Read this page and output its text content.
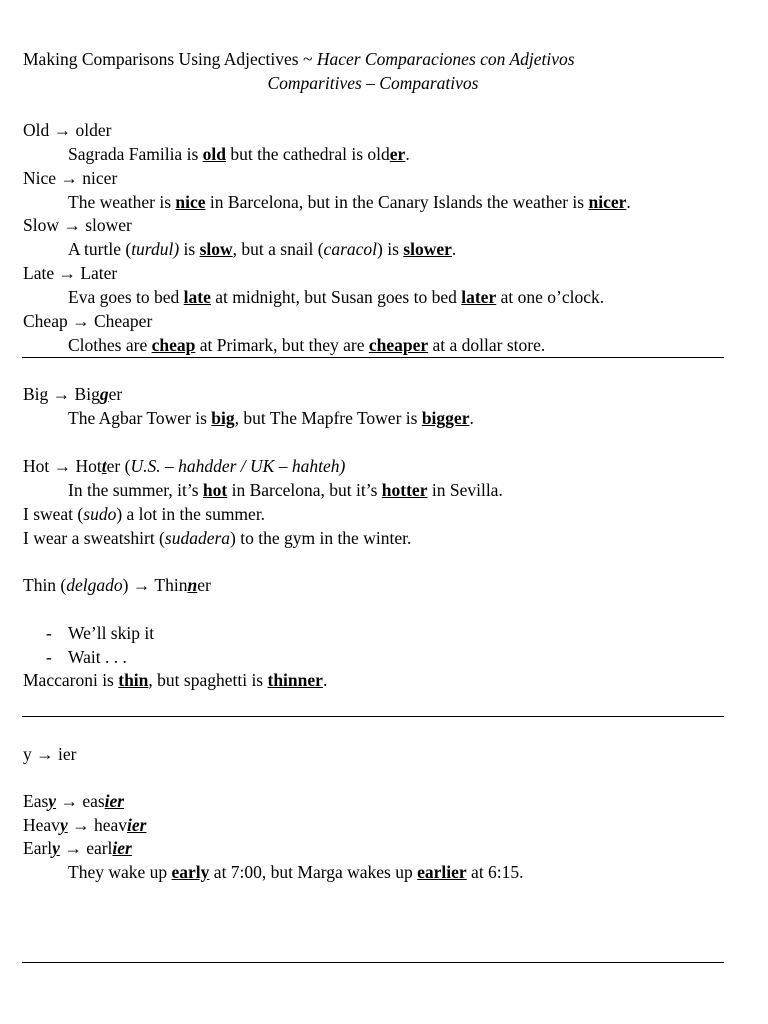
Making Comparisons Using Adjectives ~ Hacer Comparaciones con Adjetivos
Comparitives – Comparativos
Old → older
Sagrada Familia is old but the cathedral is older.
Nice → nicer
The weather is nice in Barcelona, but in the Canary Islands the weather is nicer.
Slow → slower
A turtle (turdul) is slow, but a snail (caracol) is slower.
Late → Later
Eva goes to bed late at midnight, but Susan goes to bed later at one o’clock.
Cheap → Cheaper
Clothes are cheap at Primark, but they are cheaper at a dollar store.
Big → Bigger
The Agbar Tower is big, but The Mapfre Tower is bigger.
Hot → Hotter (U.S. – hahdder / UK – hahteh)
In the summer, it’s hot in Barcelona, but it’s hotter in Sevilla.
I sweat (sudo) a lot in the summer.
I wear a sweatshirt (sudadera) to the gym in the winter.
Thin (delgado) → Thinner
- We’ll skip it
- Wait . . .
Maccaroni is thin, but spaghetti is thinner.
y → ier
Easy → easier
Heavy → heavier
Early → earlier
They wake up early at 7:00, but Marga wakes up earlier at 6:15.
